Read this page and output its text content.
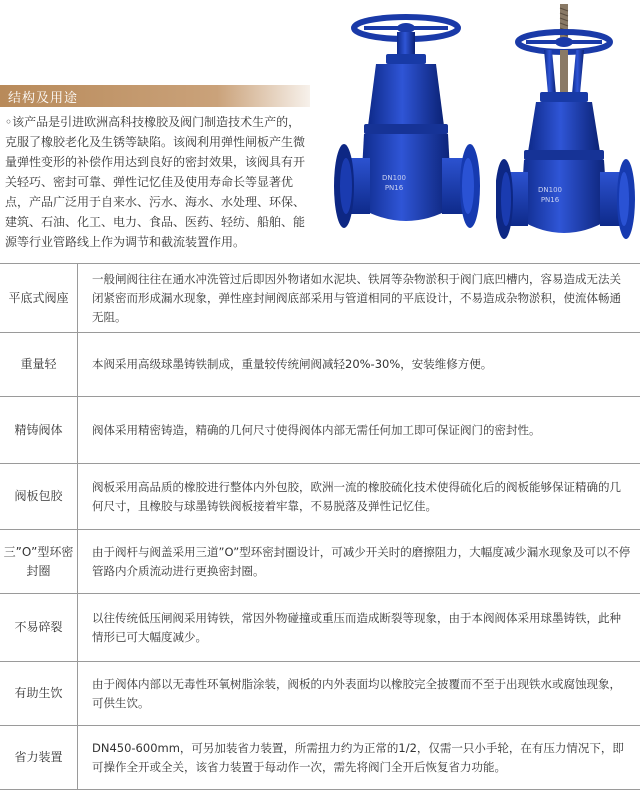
DN100
PN16	DN100
PN16
结构及用途
◦该产品是引进欧洲高科技橡胶及阀门制造技术生产的，克服了橡胶老化及生锈等缺陷。该阀利用弹性闸板产生微量弹性变形的补偿作用达到良好的密封效果，该阀具有开关轻巧、密封可靠、弹性记忆佳及使用寿命长等显著优点，产品广泛用于自来水、污水、海水、水处理、环保、建筑、石油、化工、电力、食品、医药、轻纺、船舶、能源等行业管路线上作为调节和截流装置作用。
平底式阀座	一般闸阀往往在通水冲洗管过后即因外物诸如水泥块、铁屑等杂物淤积于阀门底凹槽内，容易造成无法关闭紧密而形成漏水现象，弹性座封闸阀底部采用与管道相同的平底设计，不易造成杂物淤积，使流体畅通无阻。
重量轻	本阀采用高级球墨铸铁制成，重量较传统闸阀减轻20%-30%，安装维修方便。
精铸阀体	阀体采用精密铸造，精确的几何尺寸使得阀体内部无需任何加工即可保证阀门的密封性。
阀板包胶	阀板采用高品质的橡胶进行整体内外包胶，欧洲一流的橡胶硫化技术使得硫化后的阀板能够保证精确的几何尺寸，且橡胶与球墨铸铁阀板接着牢靠，不易脱落及弹性记忆佳。
三”O”型环密封圈	由于阀杆与阀盖采用三道”O”型环密封圈设计，可减少开关时的磨擦阻力，大幅度减少漏水现象及可以不停管路内介质流动进行更换密封圈。
不易碎裂	以往传统低压闸阀采用铸铁，常因外物碰撞或重压而造成断裂等现象，由于本阀阀体采用球墨铸铁，此种情形已可大幅度减少。
有助生饮	由于阀体内部以无毒性环氧树脂涂装，阀板的内外表面均以橡胶完全披覆而不至于出现铁水或腐蚀现象，可供生饮。
省力装置	DN450-600mm，可另加装省力装置，所需扭力约为正常的1/2，仅需一只小手轮，在有压力情况下，即可操作全开或全关，该省力装置于每动作一次，需先将阀门全开后恢复省力功能。
